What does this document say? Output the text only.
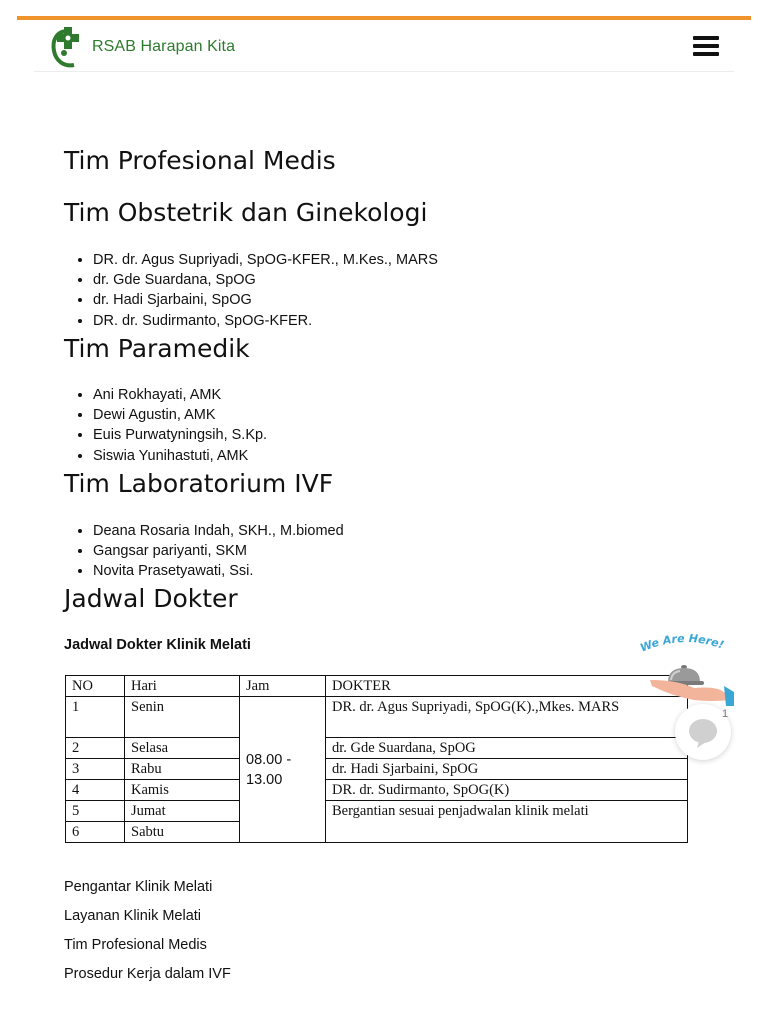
RSAB Harapan Kita
Tim Profesional Medis
Tim Obstetrik dan Ginekologi
• DR. dr. Agus Supriyadi, SpOG-KFER., M.Kes., MARS
• dr. Gde Suardana, SpOG
• dr. Hadi Sjarbaini, SpOG
• DR. dr. Sudirmanto, SpOG-KFER.
Tim Paramedik
• Ani Rokhayati, AMK
• Dewi Agustin, AMK
• Euis Purwatyningsih, S.Kp.
• Siswia Yunihastuti, AMK
Tim Laboratorium IVF
• Deana Rosaria Indah, SKH., M.biomed
• Gangsar pariyanti, SKM
• Novita Prasetyawati, Ssi.
Jadwal Dokter
Jadwal Dokter Klinik Melati
NO	Hari	Jam	DOKTER
1	Senin	08.00 - 13.00	DR. dr. Agus Supriyadi, SpOG(K).,Mkes. MARS
2	Selasa		dr. Gde Suardana, SpOG
3	Rabu		dr. Hadi Sjarbaini, SpOG
4	Kamis		DR. dr. Sudirmanto, SpOG(K)
5	Jumat		Bergantian sesuai penjadwalan klinik melati
6	Sabtu		
Pengantar Klinik Melati
Layanan Klinik Melati
Tim Profesional Medis
Prosedur Kerja dalam IVF
We Are Here!
1
